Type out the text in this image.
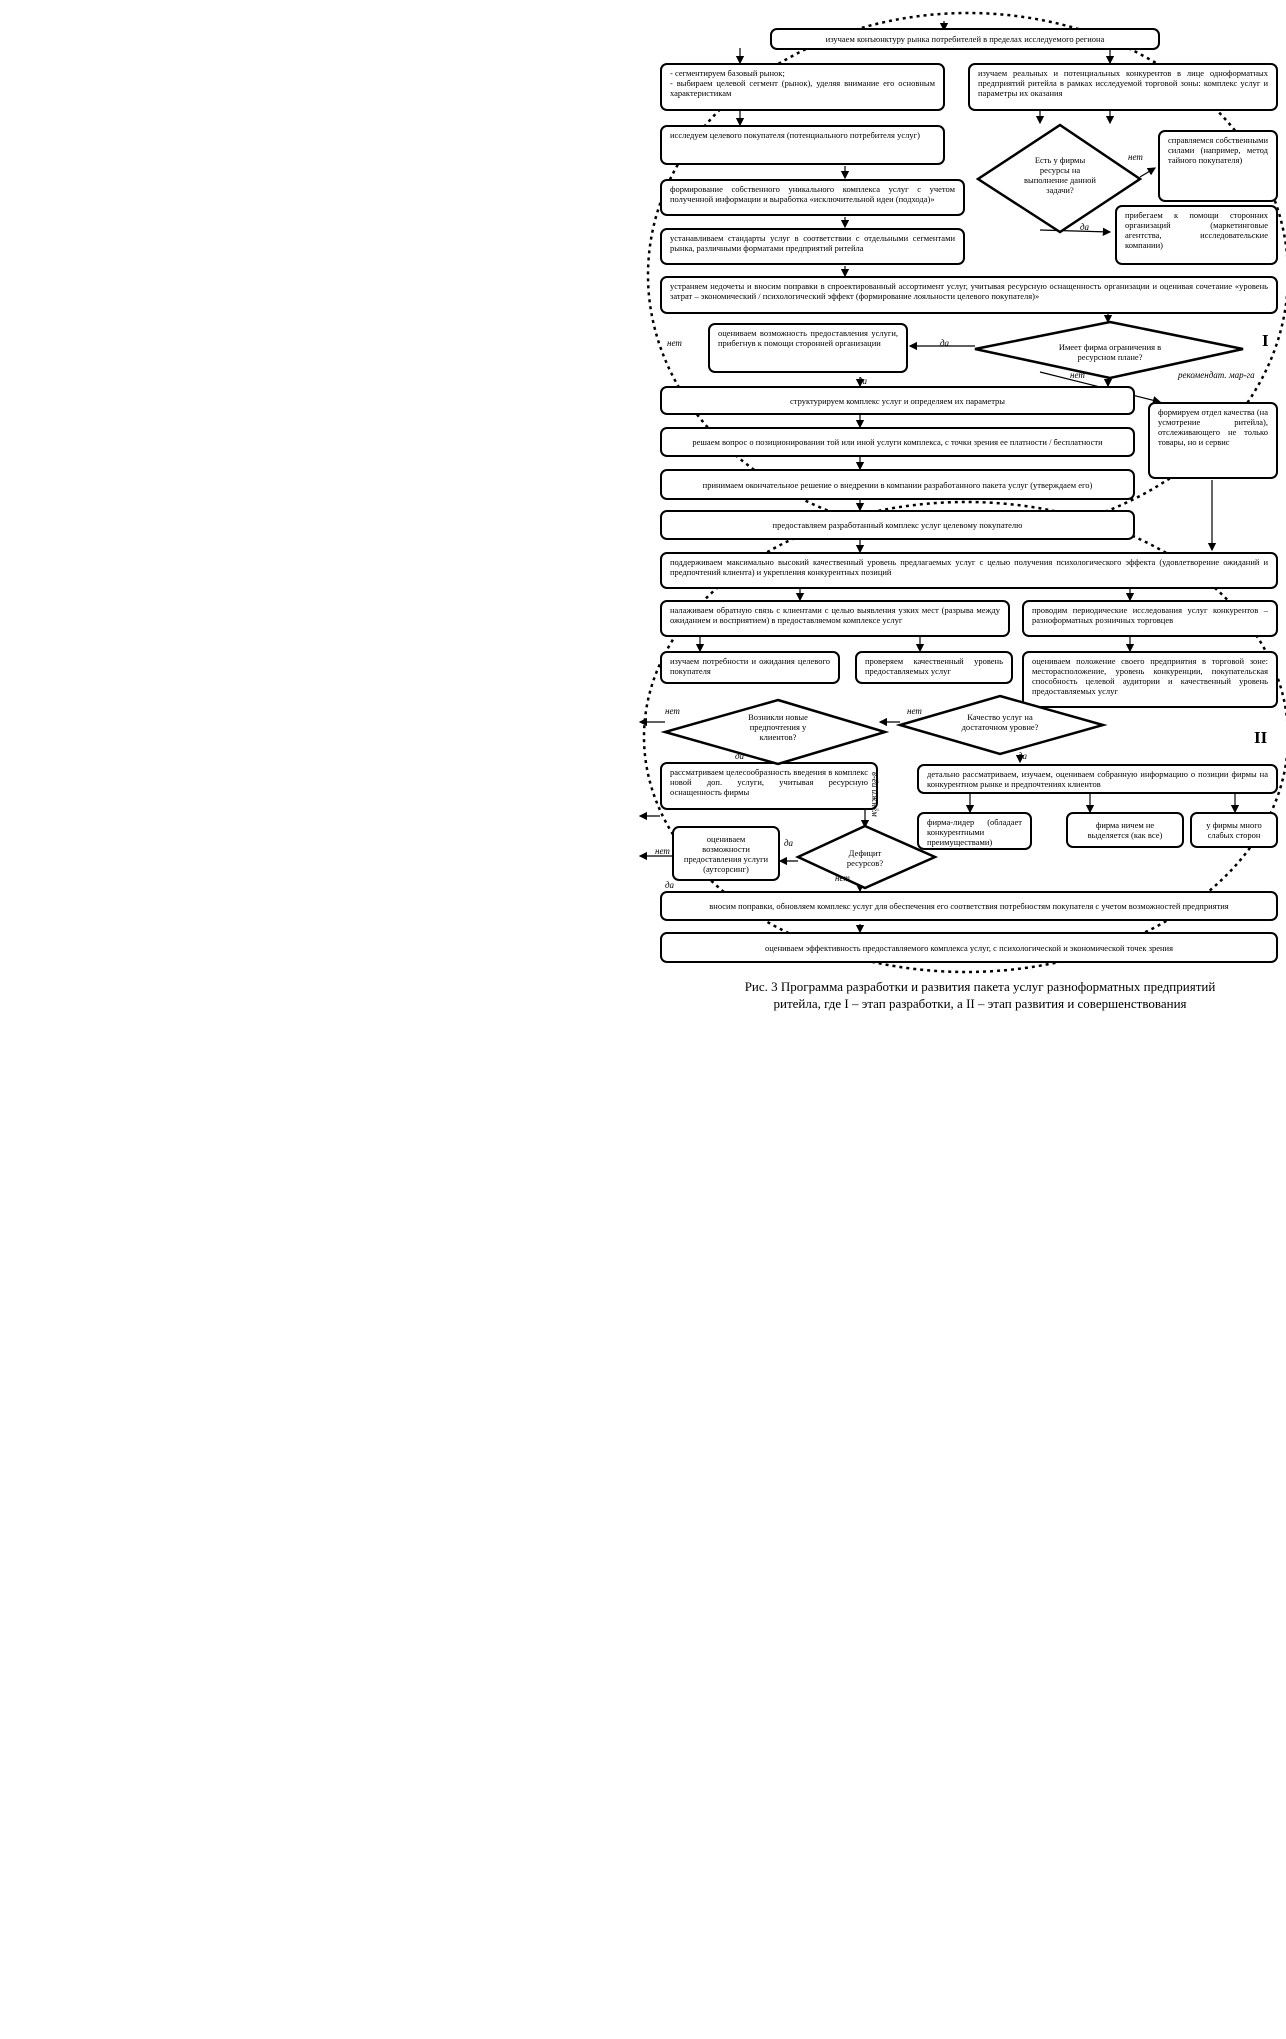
изучаем конъюнктуру рынка потребителей в пределах исследуемого региона
- сегментируем базовый рынок;
- выбираем целевой сегмент (рынок), уделяя внимание его основным характеристикам
изучаем реальных и потенциальных конкурентов в лице одноформатных предприятий ритейла в рамках исследуемой торговой зоны: комплекс услуг и параметры их оказания
исследуем целевого покупателя (потенциального потребителя услуг)	справляемся собственными силами (например, метод тайного покупателя)
формирование собственного уникального комплекса услуг с учетом полученной информации и выработка «исключительной идеи (подхода)»
прибегаем к помощи сторонних организаций (маркетинговые агентства, исследовательские компании)
устанавливаем стандарты услуг в соответствии с отдельными сегментами рынка, различными форматами предприятий ритейла
устраняем недочеты и вносим поправки в спроектированный ассортимент услуг, учитывая ресурсную оснащенность организации и оценивая сочетание «уровень затрат – экономический / психологический эффект (формирование лояльности целевого покупателя)»
оцениваем возможность предоставления услуги, прибегнув к помощи сторонней организации
структурируем комплекс услуг и определяем их параметры
решаем вопрос о позиционировании той или иной услуги комплекса, с точки зрения ее платности / бесплатности
формируем отдел качества (на усмотрение ритейла), отслеживающего не только товары, но и сервис
принимаем окончательное решение о внедрении в компании разработанного пакета услуг (утверждаем его)
предоставляем разработанный комплекс услуг целевому покупателю
поддерживаем максимально высокий качественный уровень предлагаемых услуг с целью получения психологического эффекта (удовлетворение ожиданий и предпочтений клиента) и укрепления конкурентных позиций
налаживаем обратную связь с клиентами с целью выявления узких мест (разрыва между ожиданием и восприятием) в предоставляемом комплексе услуг
проводим периодические исследования услуг конкурентов – разноформатных розничных торговцев
изучаем потребности и ожидания целевого покупателя
проверяем качественный уровень предоставляемых услуг
оцениваем положение своего предприятия в торговой зоне: месторасположение, уровень конкуренции, покупательская способность целевой аудитории и качественный уровень предоставляемых услуг
рассматриваем целесообразность введения в комплекс новой доп. услуги, учитывая ресурсную оснащенность фирмы
детально рассматриваем, изучаем, оцениваем собранную информацию о позиции фирмы на конкурентном рынке и предпочтениях клиентов
фирма-лидер (обладает конкурентными преимуществами)
фирма ничем не выделяется (как все)
у фирмы много слабых сторон
оцениваем возможности предоставления услуги (аутсорсинг)
вносим поправки, обновляем комплекс услуг для обеспечения его соответствия потребностям покупателя с учетом возможностей предприятия
оцениваем эффективность предоставляемого комплекса услуг, с психологической и экономической точек зрения
Есть у фирмы ресурсы на выполнение данной задачи?
Имеет фирма ограничения в ресурсном плане?
Возникли новые предпочтения у клиентов?
Качество услуг на достаточном уровне?
Дефицит ресурсов?
нет
да
нет	да
нет
да
рекомендат. мар-га
нет
да
нет
да
да
нет
нет
да
в-ёи ижнём
I
II
Рис. 3 Программа разработки и развития пакета услуг разноформатных предприятий
ритейла, где I – этап разработки, а II – этап развития и совершенствования
